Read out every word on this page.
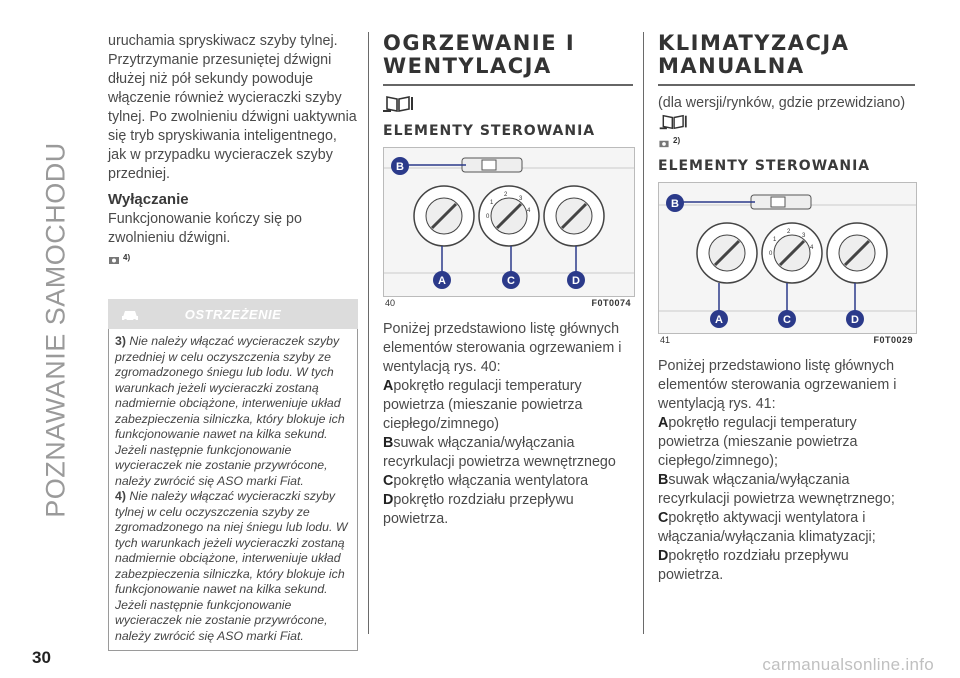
POZNAWANIE SAMOCHODU

uruchamia spryskiwacz szyby tylnej. Przytrzymanie przesuniętej dźwigni dłużej niż pół sekundy powoduje włączenie również wycieraczki szyby tylnej. Po zwolnieniu dźwigni uaktywnia się tryb spryskiwania inteligentnego, jak w przypadku wycieraczek szyby przedniej.

Wyłączanie

Funkcjonowanie kończy się po zwolnieniu dźwigni.

$^{4)}$
OSTRZEŻENIE

3) Nie należy włączać wycieraczek szyby przedniej w celu oczyszczenia szyby ze zgromadzonego śniegu lub lodu. W tych warunkach jeżeli wycieraczki zostaną nadmiernie obciążone, interweniuje układ zabezpieczenia silniczka, który blokuje ich funkcjonowanie nawet na kilka sekund. Jeżeli następnie funkcjonowanie wycieraczek nie zostanie przywrócone, należy zwrócić się ASO marki Fiat.

4) Nie należy włączać wycieraczki szyby tylnej w celu oczyszczenia szyby ze zgromadzonego na niej śniegu lub lodu. W tych warunkach jeżeli wycieraczki zostaną nadmiernie obciążone, interweniuje układ zabezpieczenia silniczka, który blokuje ich funkcjonowanie nawet na kilka sekund. Jeżeli następnie funkcjonowanie wycieraczek nie zostanie przywrócone, należy zwrócić się ASO marki Fiat.

OGRZEWANIE I
WENTYLACJA
ELEMENTY STEROWANIA
0
1
2
3
4
B
A	C	D
40	F0T0074

Poniżej przedstawiono listę głównych elementów sterowania ogrzewaniem i wentylacją rys. 40:

Apokrętło regulacji temperatury powietrza (mieszanie powietrza ciepłego/zimnego)

Bsuwak włączania/wyłączania recyrkulacji powietrza wewnętrznego

Cpokrętło włączania wentylatora

Dpokrętło rozdziału przepływu powietrza.

KLIMATYZACJA
MANUALNA

(dla wersji/rynków, gdzie przewidziano)

$^{2)}$
ELEMENTY STEROWANIA
0
1
2
3
4
B
A	C	D
41	F0T0029

Poniżej przedstawiono listę głównych elementów sterowania ogrzewaniem i wentylacją rys. 41:

Apokrętło regulacji temperatury powietrza (mieszanie powietrza ciepłego/zimnego);

Bsuwak włączania/wyłączania recyrkulacji powietrza wewnętrznego;

Cpokrętło aktywacji wentylatora i włączania/wyłączania klimatyzacji;

Dpokrętło rozdziału przepływu powietrza.

30	carmanualsonline.info
